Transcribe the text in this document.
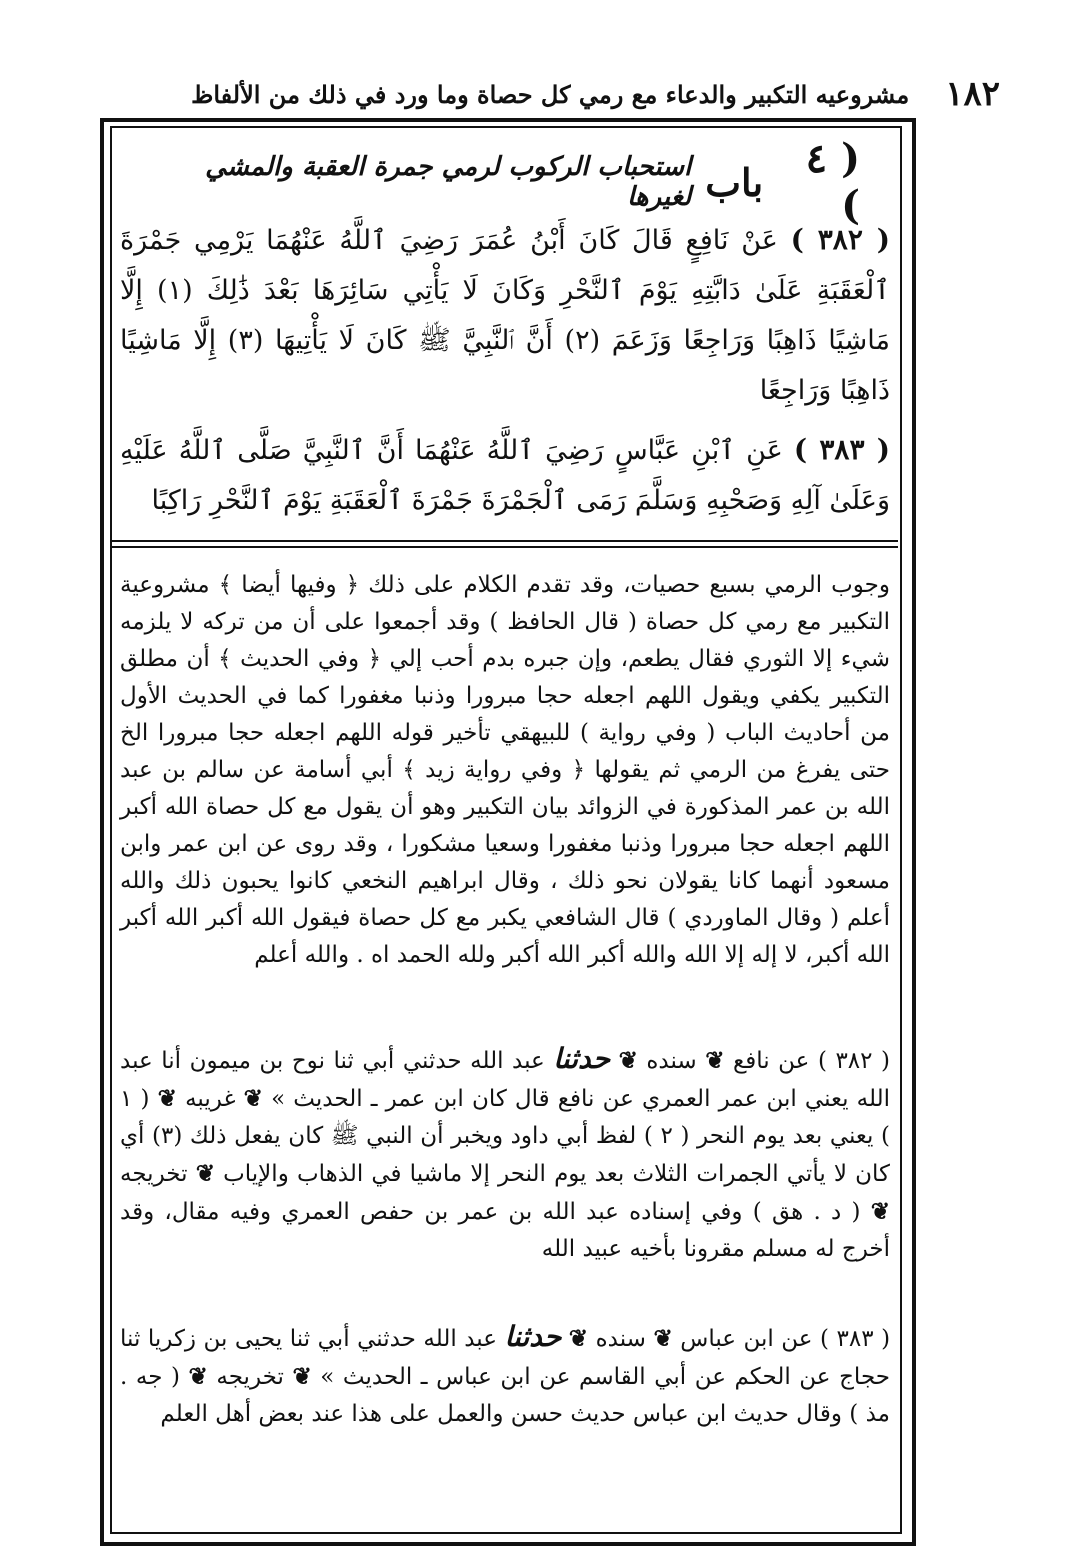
١٨٢
مشروعيه التكبير والدعاء مع رمي كل حصاة وما ورد في ذلك من الألفاظ
( ٤ )
باب
استحباب الركوب لرمي جمرة العقبة والمشي لغيرها
( ٣٨٢ ) عَنْ نَافِعٍ قَالَ كَانَ أَبْنُ عُمَرَ رَضِيَ ٱللَّهُ عَنْهُمَا يَرْمِي جَمْرَةَ ٱلْعَقَبَةِ عَلَىٰ دَابَّتِهِ يَوْمَ ٱلنَّحْرِ وَكَانَ لَا يَأْتِي سَائِرَهَا بَعْدَ ذَٰلِكَ (١) إِلَّا مَاشِيًا ذَاهِبًا وَرَاجِعًا وَزَعَمَ (٢) أَنَّ ٱلنَّبِيَّ ﷺ كَانَ لَا يَأْتِيهَا (٣) إِلَّا مَاشِيًا ذَاهِبًا وَرَاجِعًا
( ٣٨٣ ) عَنِ ٱبْنِ عَبَّاسٍ رَضِيَ ٱللَّهُ عَنْهُمَا أَنَّ ٱلنَّبِيَّ صَلَّى ٱللَّهُ عَلَيْهِ وَعَلَىٰ آلِهِ وَصَحْبِهِ وَسَلَّمَ رَمَى ٱلْجَمْرَةَ جَمْرَةَ ٱلْعَقَبَةِ يَوْمَ ٱلنَّحْرِ رَاكِبًا

وجوب الرمي بسبع حصيات، وقد تقدم الكلام على ذلك ﴿ وفيها أيضا ﴾ مشروعية التكبير مع رمي كل حصاة ( قال الحافظ ) وقد أجمعوا على أن من تركه لا يلزمه شيء إلا الثوري فقال يطعم، وإن جبره بدم أحب إلي ﴿ وفي الحديث ﴾ أن مطلق التكبير يكفي ويقول اللهم اجعله حجا مبرورا وذنبا مغفورا كما في الحديث الأول من أحاديث الباب ( وفي رواية ) للبيهقي تأخير قوله اللهم اجعله حجا مبرورا الخ حتى يفرغ من الرمي ثم يقولها ﴿ وفي رواية زيد ﴾ أبي أسامة عن سالم بن عبد الله بن عمر المذكورة في الزوائد بيان التكبير وهو أن يقول مع كل حصاة الله أكبر اللهم اجعله حجا مبرورا وذنبا مغفورا وسعيا مشكورا ، وقد روى عن ابن عمر وابن مسعود أنهما كانا يقولان نحو ذلك ، وقال ابراهيم النخعي كانوا يحبون ذلك والله أعلم ( وقال الماوردي ) قال الشافعي يكبر مع كل حصاة فيقول الله أكبر الله أكبر الله أكبر، لا إله إلا الله والله أكبر الله أكبر ولله الحمد اه . والله أعلم

( ٣٨٢ ) عن نافع ❦ سنده ❦ حدثنا عبد الله حدثني أبي ثنا نوح بن ميمون أنا عبد الله يعني ابن عمر العمري عن نافع قال كان ابن عمر ـ الحديث » ❦ غريبه ❦ ( ١ ) يعني بعد يوم النحر ( ٢ ) لفظ أبي داود ويخبر أن النبي ﷺ كان يفعل ذلك (٣) أي كان لا يأتي الجمرات الثلاث بعد يوم النحر إلا ماشيا في الذهاب والإياب ❦ تخريجه ❦ ( د . هق ) وفي إسناده عبد الله بن عمر بن حفص العمري وفيه مقال، وقد أخرج له مسلم مقرونا بأخيه عبيد الله

( ٣٨٣ ) عن ابن عباس ❦ سنده ❦ حدثنا عبد الله حدثني أبي ثنا يحيى بن زكريا ثنا حجاج عن الحكم عن أبي القاسم عن ابن عباس ـ الحديث » ❦ تخريجه ❦ ( جه . مذ ) وقال حديث ابن عباس حديث حسن والعمل على هذا عند بعض أهل العلم
